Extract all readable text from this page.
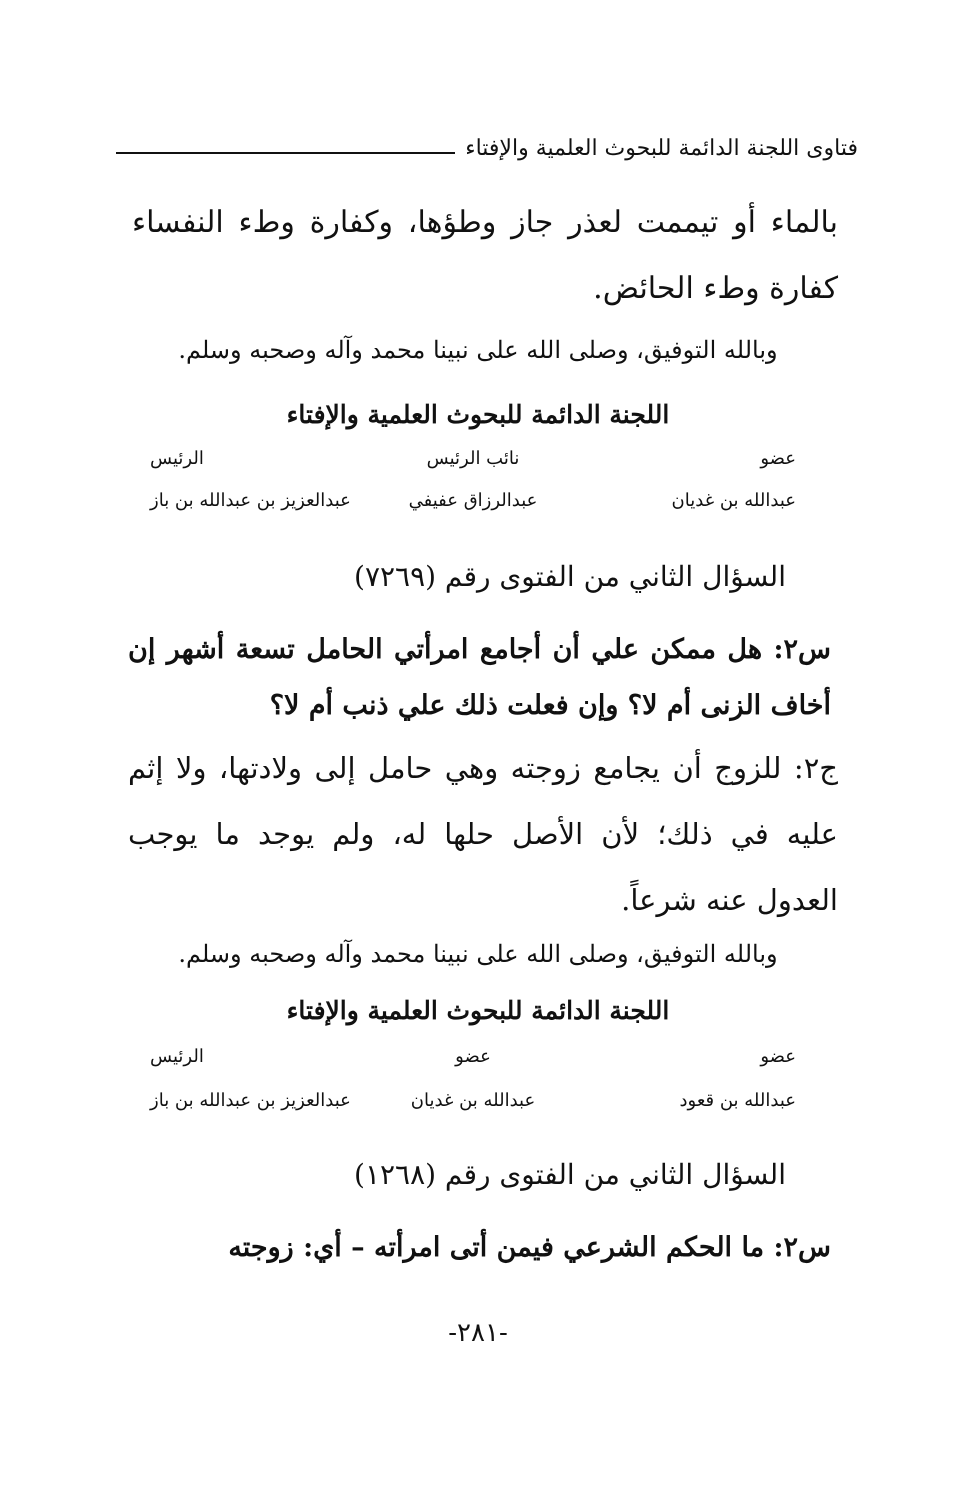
فتاوى اللجنة الدائمة للبحوث العلمية والإفتاء
بالماء أو تيممت لعذر جاز وطؤها، وكفارة وطء النفساء كفارة وطء الحائض.
وبالله التوفيق، وصلى الله على نبينا محمد وآله وصحبه وسلم.
اللجنة الدائمة للبحوث العلمية والإفتاء
عضو
نائب الرئيس
الرئيس
عبدالله بن غديان
عبدالرزاق عفيفي
عبدالعزيز بن عبدالله بن باز
السؤال الثاني من الفتوى رقم (٧٢٦٩)
س٢: هل ممكن علي أن أجامع امرأتي الحامل تسعة أشهر إن أخاف الزنى أم لا؟ وإن فعلت ذلك علي ذنب أم لا؟
ج٢: للزوج أن يجامع زوجته وهي حامل إلى ولادتها، ولا إثم عليه في ذلك؛ لأن الأصل حلها له، ولم يوجد ما يوجب العدول عنه شرعاً.
وبالله التوفيق، وصلى الله على نبينا محمد وآله وصحبه وسلم.
اللجنة الدائمة للبحوث العلمية والإفتاء
عضو
عضو
الرئيس
عبدالله بن قعود
عبدالله بن غديان
عبدالعزيز بن عبدالله بن باز
السؤال الثاني من الفتوى رقم (١٢٦٨)
س٢: ما الحكم الشرعي فيمن أتى امرأته – أي: زوجته
-٢٨١-
